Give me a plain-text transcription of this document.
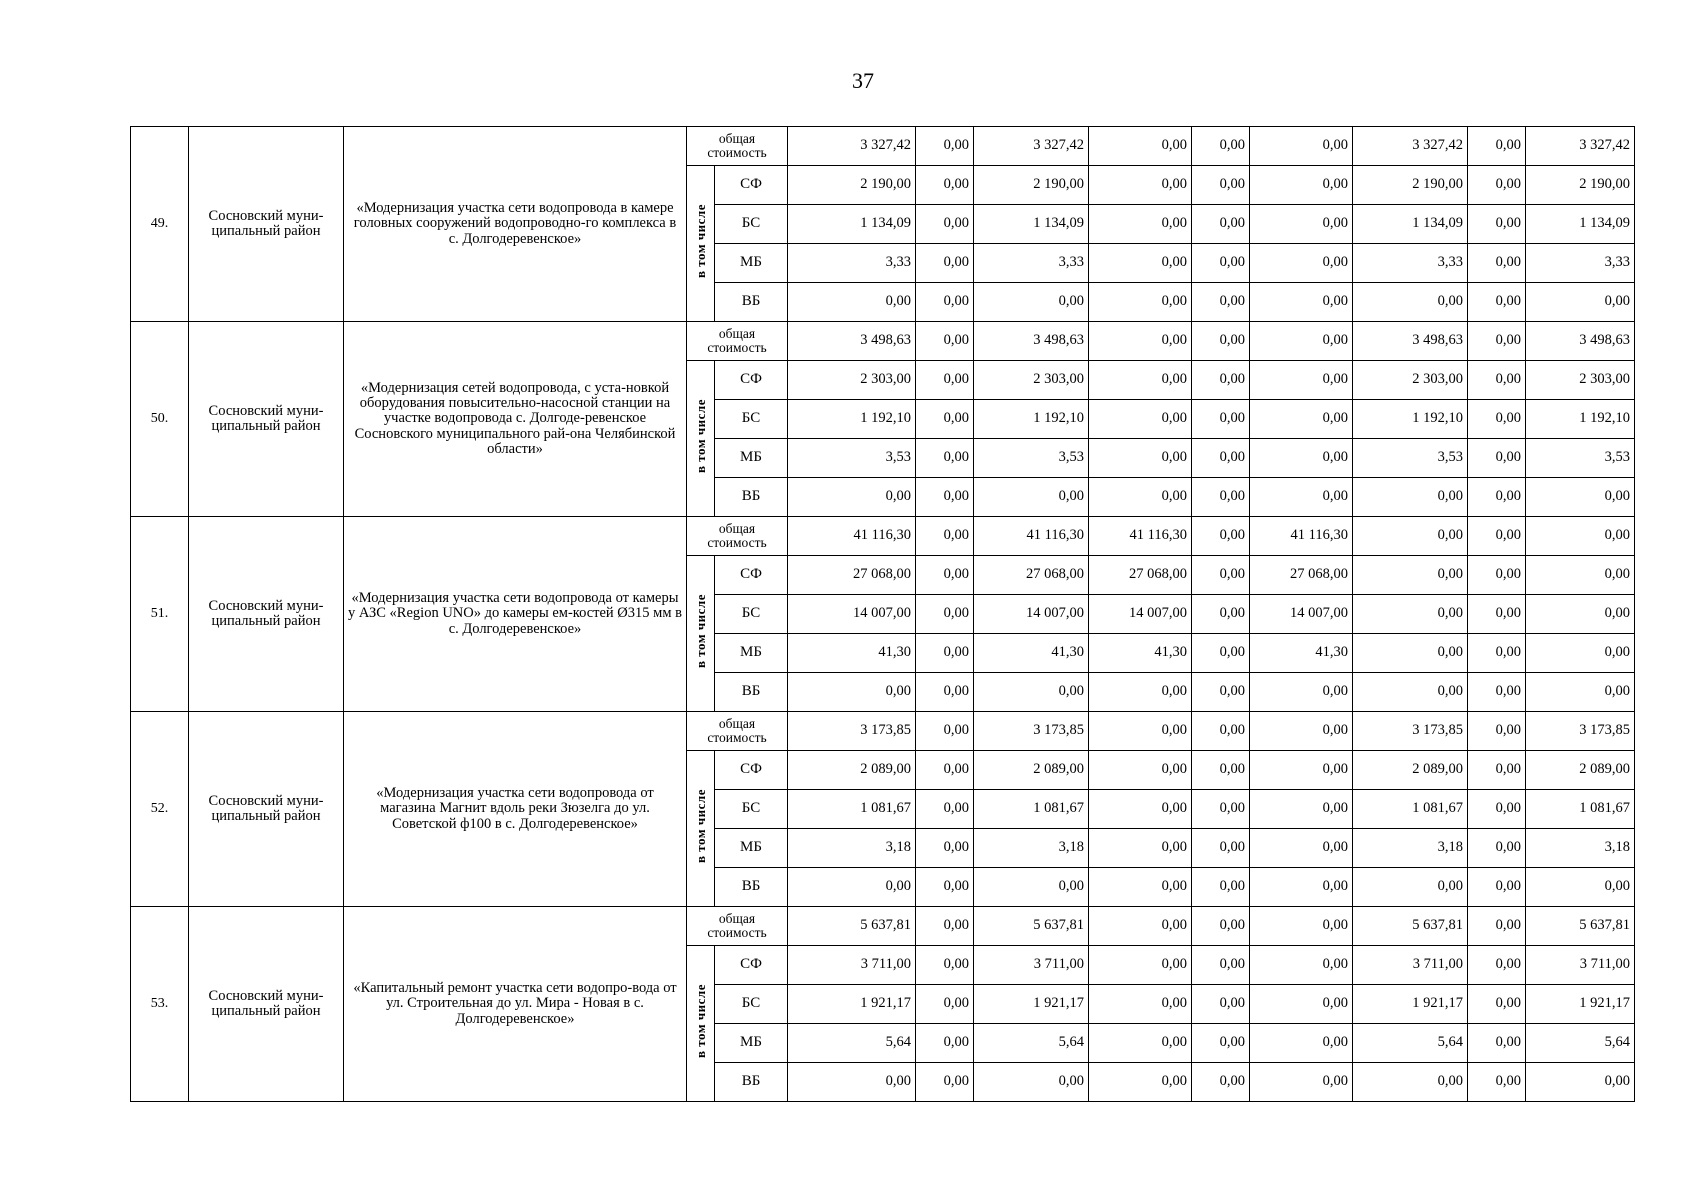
37
49.	Сосновский муни-ципальный район	«Модернизация участка сети водопровода в камере головных сооружений водопроводно-го комплекса в с. Долгодеревенское»	общая стоимость		3 327,42	0,00	3 327,42	0,00	0,00	0,00	3 327,42	0,00	3 327,42
			в том числе	СФ	2 190,00	0,00	2 190,00	0,00	0,00	0,00	2 190,00	0,00	2 190,00
				БС	1 134,09	0,00	1 134,09	0,00	0,00	0,00	1 134,09	0,00	1 134,09
				МБ	3,33	0,00	3,33	0,00	0,00	0,00	3,33	0,00	3,33
				ВБ	0,00	0,00	0,00	0,00	0,00	0,00	0,00	0,00	0,00
50.	Сосновский муни-ципальный район	«Модернизация сетей водопровода, с уста-новкой оборудования повысительно-насосной станции на участке водопровода с. Долгоде-ревенское Сосновского муниципального рай-она Челябинской области»	общая стоимость		3 498,63	0,00	3 498,63	0,00	0,00	0,00	3 498,63	0,00	3 498,63
			в том числе	СФ	2 303,00	0,00	2 303,00	0,00	0,00	0,00	2 303,00	0,00	2 303,00
				БС	1 192,10	0,00	1 192,10	0,00	0,00	0,00	1 192,10	0,00	1 192,10
				МБ	3,53	0,00	3,53	0,00	0,00	0,00	3,53	0,00	3,53
				ВБ	0,00	0,00	0,00	0,00	0,00	0,00	0,00	0,00	0,00
51.	Сосновский муни-ципальный район	«Модернизация участка сети водопровода от камеры у АЗС «Region UNO» до камеры ем-костей Ø315 мм в с. Долгодеревенское»	общая стоимость		41 116,30	0,00	41 116,30	41 116,30	0,00	41 116,30	0,00	0,00	0,00
			в том числе	СФ	27 068,00	0,00	27 068,00	27 068,00	0,00	27 068,00	0,00	0,00	0,00
				БС	14 007,00	0,00	14 007,00	14 007,00	0,00	14 007,00	0,00	0,00	0,00
				МБ	41,30	0,00	41,30	41,30	0,00	41,30	0,00	0,00	0,00
				ВБ	0,00	0,00	0,00	0,00	0,00	0,00	0,00	0,00	0,00
52.	Сосновский муни-ципальный район	«Модернизация участка сети водопровода от магазина Магнит вдоль реки Зюзелга до ул. Советской ф100 в с. Долгодеревенское»	общая стоимость		3 173,85	0,00	3 173,85	0,00	0,00	0,00	3 173,85	0,00	3 173,85
			в том числе	СФ	2 089,00	0,00	2 089,00	0,00	0,00	0,00	2 089,00	0,00	2 089,00
				БС	1 081,67	0,00	1 081,67	0,00	0,00	0,00	1 081,67	0,00	1 081,67
				МБ	3,18	0,00	3,18	0,00	0,00	0,00	3,18	0,00	3,18
				ВБ	0,00	0,00	0,00	0,00	0,00	0,00	0,00	0,00	0,00
53.	Сосновский муни-ципальный район	«Капитальный ремонт участка сети водопро-вода от ул. Строительная до ул. Мира - Новая в с. Долгодеревенское»	общая стоимость		5 637,81	0,00	5 637,81	0,00	0,00	0,00	5 637,81	0,00	5 637,81
			в том числе	СФ	3 711,00	0,00	3 711,00	0,00	0,00	0,00	3 711,00	0,00	3 711,00
				БС	1 921,17	0,00	1 921,17	0,00	0,00	0,00	1 921,17	0,00	1 921,17
				МБ	5,64	0,00	5,64	0,00	0,00	0,00	5,64	0,00	5,64
				ВБ	0,00	0,00	0,00	0,00	0,00	0,00	0,00	0,00	0,00
